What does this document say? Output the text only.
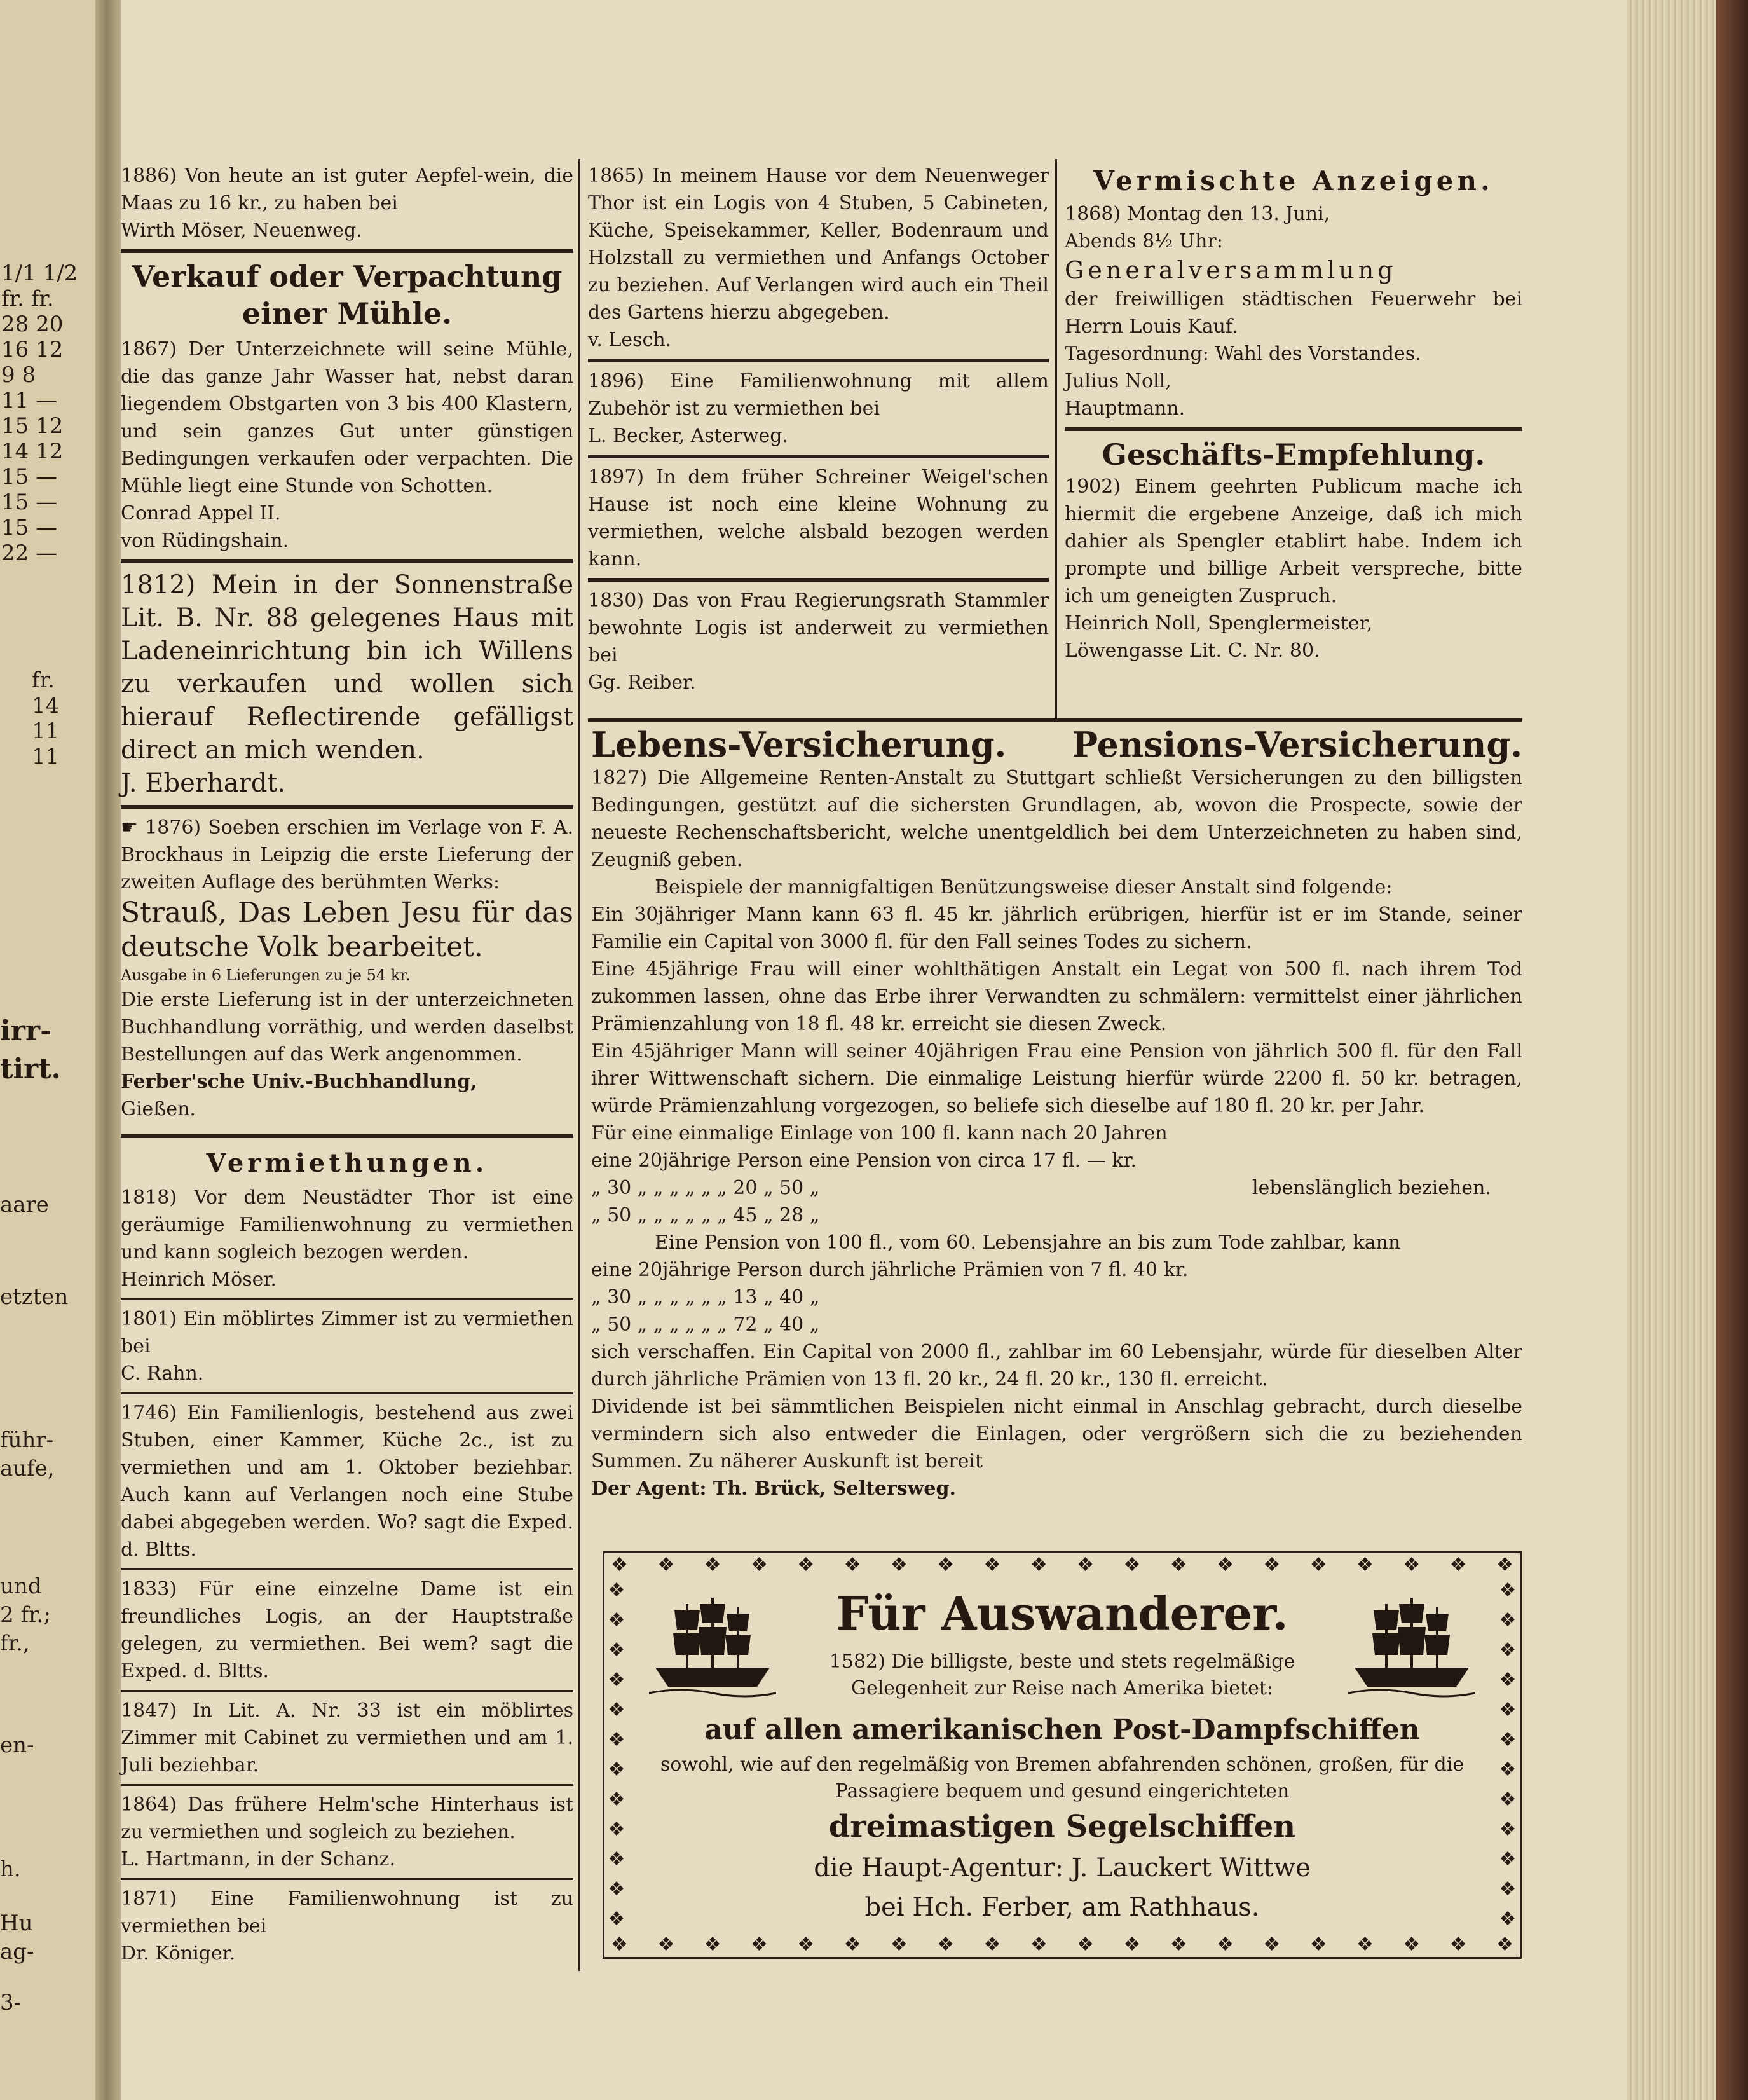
1/1 1/2
fr. fr.
28 20
16 12
9 8
11 —
15 12
14 12
15 —
15 —
15 —
22 —
fr.
14
11
11
irr-
tirt.
aare
etzten
führ-
aufe,
und
2 fr.;
fr.,
en-
h.
Hu
ag-
3-

1886) Von heute an ist guter Aepfel-wein, die Maas zu 16 kr., zu haben bei

Wirth Möser, Neuenweg.

Verkauf oder Verpachtung einer Mühle.

1867) Der Unterzeichnete will seine Mühle, die das ganze Jahr Wasser hat, nebst daran liegendem Obstgarten von 3 bis 400 Klastern, und sein ganzes Gut unter günstigen Bedingungen verkaufen oder verpachten. Die Mühle liegt eine Stunde von Schotten.

Conrad Appel II.

von Rüdingshain.

1812) Mein in der Sonnenstraße Lit. B. Nr. 88 gelegenes Haus mit Ladeneinrichtung bin ich Willens zu verkaufen und wollen sich hierauf Reflectirende gefälligst direct an mich wenden.

J. Eberhardt.

☛ 1876) Soeben erschien im Verlage von F. A. Brockhaus in Leipzig die erste Lieferung der zweiten Auflage des berühmten Werks:

Strauß, Das Leben Jesu für das deutsche Volk bearbeitet.

Ausgabe in 6 Lieferungen zu je 54 kr.

Die erste Lieferung ist in der unterzeichneten Buchhandlung vorräthig, und werden daselbst Bestellungen auf das Werk angenommen.

Ferber'sche Univ.-Buchhandlung,

Gießen.

Vermiethungen.

1818) Vor dem Neustädter Thor ist eine geräumige Familienwohnung zu vermiethen und kann sogleich bezogen werden.

Heinrich Möser.

1801) Ein möblirtes Zimmer ist zu vermiethen bei

C. Rahn.

1746) Ein Familienlogis, bestehend aus zwei Stuben, einer Kammer, Küche 2c., ist zu vermiethen und am 1. Oktober beziehbar. Auch kann auf Verlangen noch eine Stube dabei abgegeben werden. Wo? sagt die Exped. d. Bltts.

1833) Für eine einzelne Dame ist ein freundliches Logis, an der Hauptstraße gelegen, zu vermiethen. Bei wem? sagt die Exped. d. Bltts.

1847) In Lit. A. Nr. 33 ist ein möblirtes Zimmer mit Cabinet zu vermiethen und am 1. Juli beziehbar.

1864) Das frühere Helm'sche Hinterhaus ist zu vermiethen und sogleich zu beziehen.

L. Hartmann, in der Schanz.

1871) Eine Familienwohnung ist zu vermiethen bei

Dr. Königer.

1865) In meinem Hause vor dem Neuenweger Thor ist ein Logis von 4 Stuben, 5 Cabineten, Küche, Speisekammer, Keller, Bodenraum und Holzstall zu vermiethen und Anfangs October zu beziehen. Auf Verlangen wird auch ein Theil des Gartens hierzu abgegeben.

v. Lesch.

1896) Eine Familienwohnung mit allem Zubehör ist zu vermiethen bei

L. Becker, Asterweg.

1897) In dem früher Schreiner Weigel'schen Hause ist noch eine kleine Wohnung zu vermiethen, welche alsbald bezogen werden kann.

1830) Das von Frau Regierungsrath Stammler bewohnte Logis ist anderweit zu vermiethen bei

Gg. Reiber.

Vermischte Anzeigen.

1868) Montag den 13. Juni,

Abends 8½ Uhr:

Generalversammlung

der freiwilligen städtischen Feuerwehr bei Herrn Louis Kauf.

Tagesordnung: Wahl des Vorstandes.

Julius Noll,

Hauptmann.

Geschäfts-Empfehlung.

1902) Einem geehrten Publicum mache ich hiermit die ergebene Anzeige, daß ich mich dahier als Spengler etablirt habe. Indem ich prompte und billige Arbeit verspreche, bitte ich um geneigten Zuspruch.

Heinrich Noll, Spenglermeister,

Löwengasse Lit. C. Nr. 80.

Lebens-Versicherung. Pensions-Versicherung.

1827) Die Allgemeine Renten-Anstalt zu Stuttgart schließt Versicherungen zu den billigsten Bedingungen, gestützt auf die sichersten Grundlagen, ab, wovon die Prospecte, sowie der neueste Rechenschaftsbericht, welche unentgeldlich bei dem Unterzeichneten zu haben sind, Zeugniß geben.

Beispiele der mannigfaltigen Benützungsweise dieser Anstalt sind folgende:

Ein 30jähriger Mann kann 63 fl. 45 kr. jährlich erübrigen, hierfür ist er im Stande, seiner Familie ein Capital von 3000 fl. für den Fall seines Todes zu sichern.

Eine 45jährige Frau will einer wohlthätigen Anstalt ein Legat von 500 fl. nach ihrem Tod zukommen lassen, ohne das Erbe ihrer Verwandten zu schmälern: vermittelst einer jährlichen Prämienzahlung von 18 fl. 48 kr. erreicht sie diesen Zweck.

Ein 45jähriger Mann will seiner 40jährigen Frau eine Pension von jährlich 500 fl. für den Fall ihrer Wittwenschaft sichern. Die einmalige Leistung hierfür würde 2200 fl. 50 kr. betragen, würde Prämienzahlung vorgezogen, so beliefe sich dieselbe auf 180 fl. 20 kr. per Jahr.

Für eine einmalige Einlage von 100 fl. kann nach 20 Jahren

eine 20jährige Person eine Pension von circa 17 fl. — kr.

„ 30 „ „ „ „ „ „ 20 „ 50 „

„ 50 „ „ „ „ „ „ 45 „ 28 „

lebenslänglich beziehen.

Eine Pension von 100 fl., vom 60. Lebensjahre an bis zum Tode zahlbar, kann

eine 20jährige Person durch jährliche Prämien von 7 fl. 40 kr.

„ 30 „ „ „ „ „ „ 13 „ 40 „

„ 50 „ „ „ „ „ „ 72 „ 40 „

sich verschaffen. Ein Capital von 2000 fl., zahlbar im 60 Lebensjahr, würde für dieselben Alter durch jährliche Prämien von 13 fl. 20 kr., 24 fl. 20 kr., 130 fl. erreicht.

Dividende ist bei sämmtlichen Beispielen nicht einmal in Anschlag gebracht, durch dieselbe vermindern sich also entweder die Einlagen, oder vergrößern sich die zu beziehenden Summen. Zu näherer Auskunft ist bereit

Der Agent: Th. Brück, Seltersweg.

❖ ❖ ❖ ❖ ❖ ❖ ❖ ❖ ❖ ❖ ❖ ❖ ❖ ❖ ❖ ❖ ❖ ❖ ❖ ❖
❖ ❖ ❖ ❖ ❖ ❖ ❖ ❖ ❖ ❖ ❖ ❖ ❖ ❖ ❖ ❖ ❖ ❖ ❖ ❖
❖
❖
❖
❖
❖
❖
❖
❖
❖
❖
❖
❖
❖
❖
❖
❖
❖
❖
❖
❖
❖
❖
❖
❖
Für Auswanderer.
1582) Die billigste, beste und stets regelmäßige Gelegenheit zur Reise nach Amerika bietet:
auf allen amerikanischen Post-Dampfschiffen
sowohl, wie auf den regelmäßig von Bremen abfahrenden schönen, großen, für die Passagiere bequem und gesund eingerichteten
dreimastigen Segelschiffen
die Haupt-Agentur: J. Lauckert Wittwe
bei Hch. Ferber, am Rathhaus.
